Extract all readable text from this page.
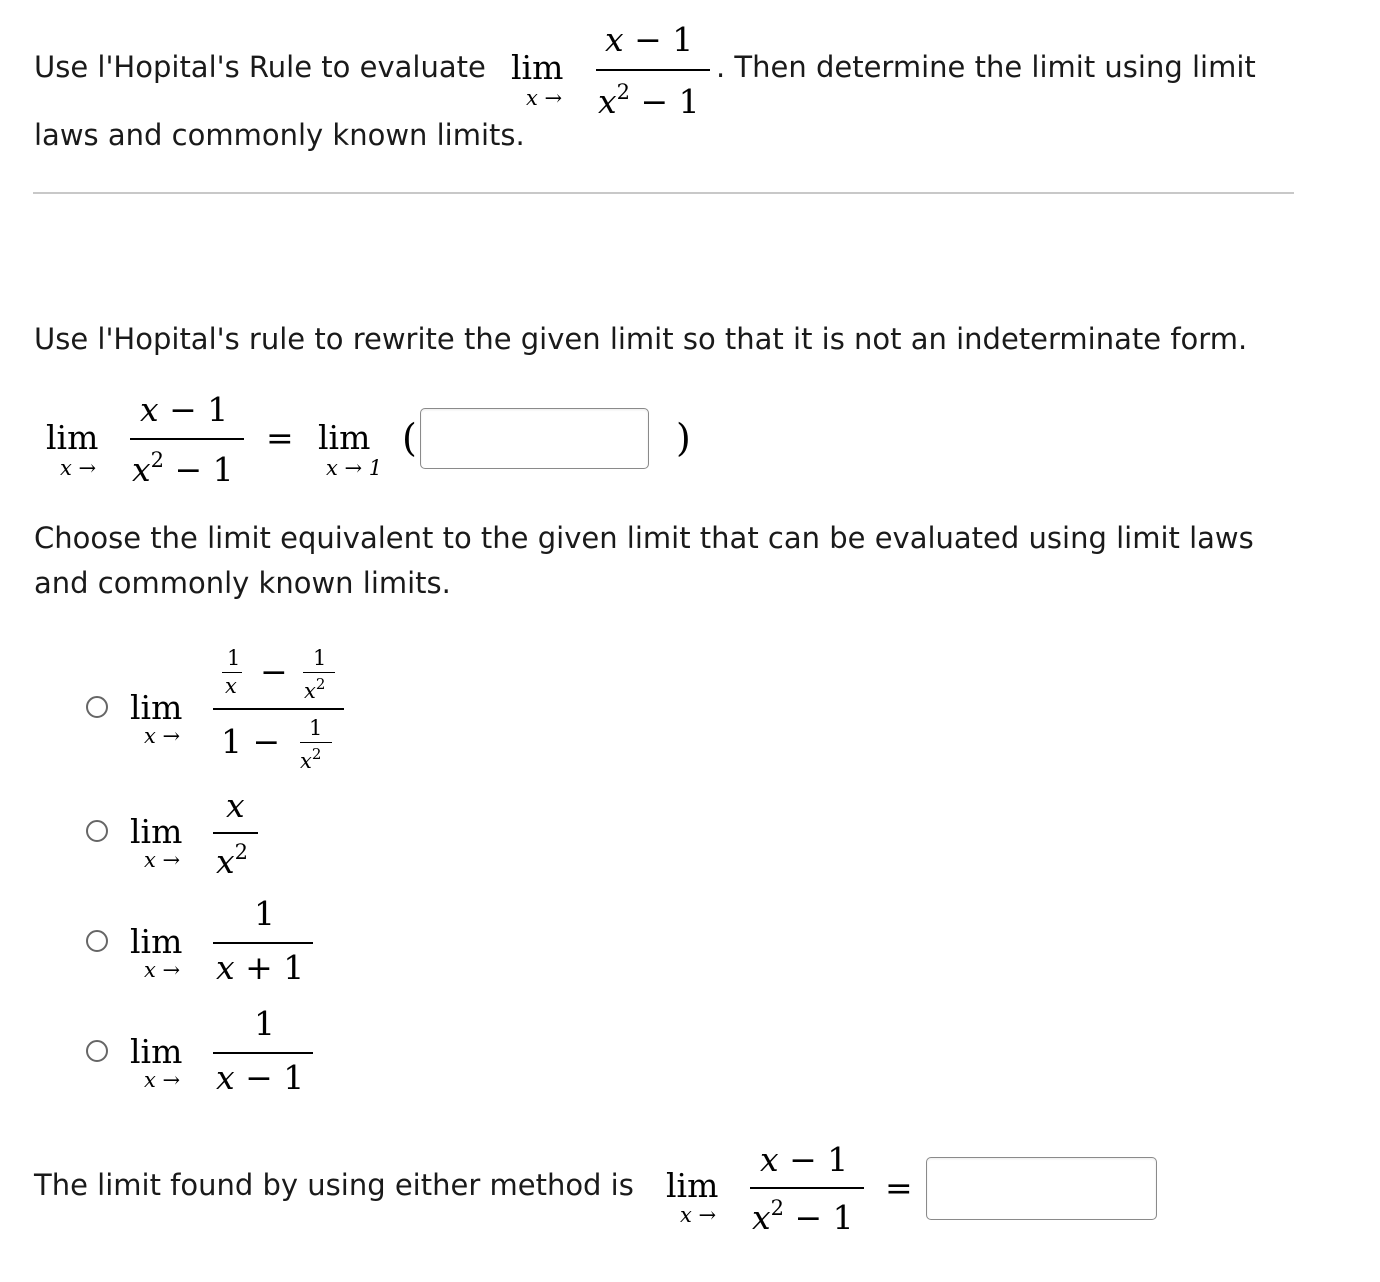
Use l'Hopital's Rule to evaluate lim
x →
x − 1
$x^2 - 1$
. Then determine the limit using limit
laws and commonly known limits.
Use l'Hopital's rule to rewrite the given limit so that it is not an indeterminate form.
lim
x →
x − 1
$x^2 - 1$
= lim
x → 1
(	)
Choose the limit equivalent to the given limit that can be evaluated using limit laws
and commonly known limits.
lim
x →
1
x − 1
$x^2$
1 − 1
$x^2$
lim
x →
x
$x^2$
lim
x →
1
x + 1
lim
x →
1
x − 1
The limit found by using either method is lim
x →
x − 1
$x^2 - 1$
=
